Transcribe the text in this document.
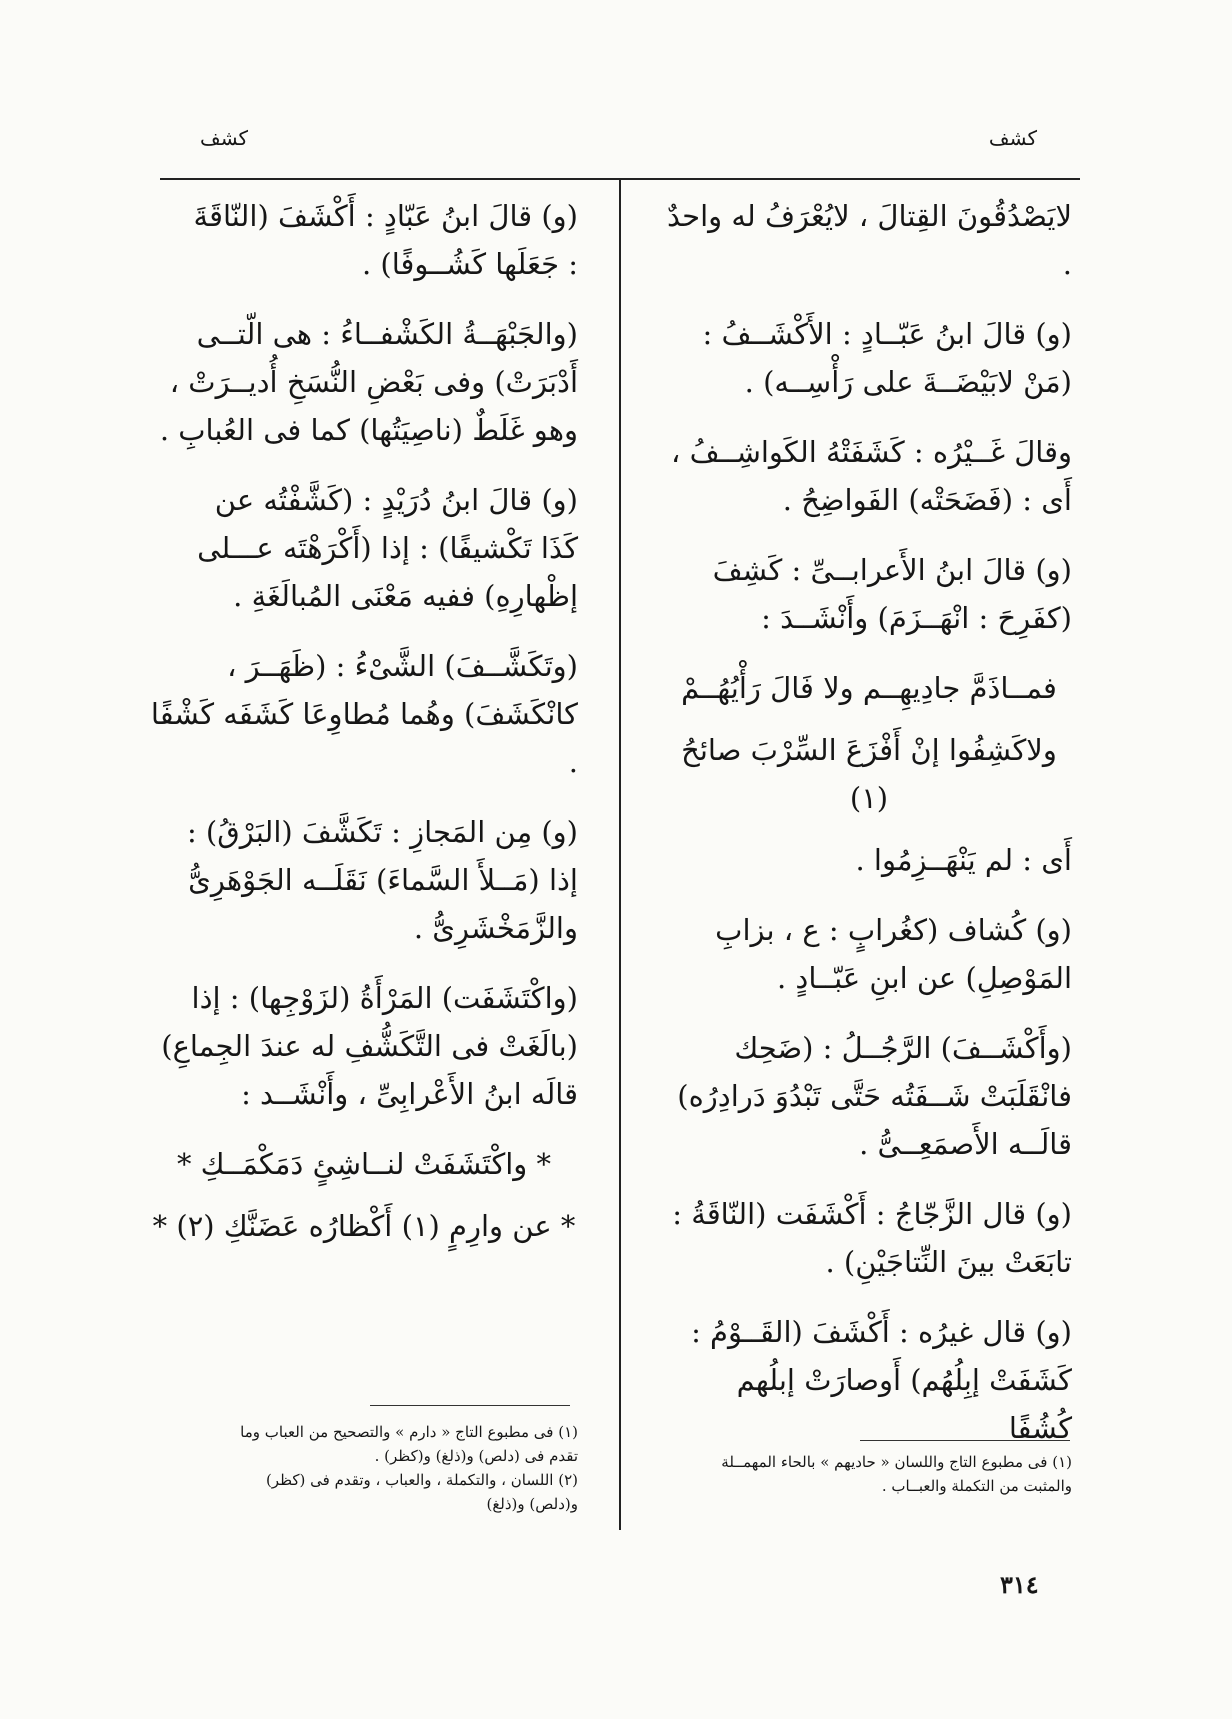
كشف	كشف

(و) قالَ ابنُ عَبّادٍ : أَكْشَفَ (النّاقَةَ
: جَعَلَها كَشُــوفًا) .

(والجَبْهَــةُ الكَشْفــاءُ : هى الّتــى
أَدْبَرَتْ) وفى بَعْضِ النُّسَخِ أُديــرَتْ ،
وهو غَلَطٌ (ناصِيَتُها) كما فى العُبابِ .

(و) قالَ ابنُ دُرَيْدٍ : (كَشَّفْتُه عن
كَذَا تَكْشيفًا) : إذا (أَكْرَهْتَه عـــلى
إظْهارِهِ) ففيه مَعْنَى المُبالَغَةِ .

(وتَكَشَّــفَ) الشَّىْءُ : (ظَهَــرَ ،
كانْكَشَفَ) وهُما مُطاوِعَا كَشَفَه كَشْفًا .

(و) مِن المَجازِ : تَكَشَّفَ (البَرْقُ) :
إذا (مَــلأَ السَّماءَ) نَقَلَــه الجَوْهَرِىُّ
والزَّمَخْشَرِىُّ .

(واكْتَشَفَت) المَرْأَةُ (لزَوْجِها) : إذا
(بالَغَتْ فى التَّكَشُّفِ له عندَ الجِماعِ)
قالَه ابنُ الأَعْرابِىِّ ، وأَنْشَــد :

* واكْتَشَفَتْ لنــاشِئٍ دَمَكْمَــكِ *

* عن وارِمٍ (١) أَكْظارُه عَضَنَّكِ (٢) *

(١) فى مطبوع التاج « دارم » والتصحيح من العباب وما
تقدم فى (دلص) و(ذلغ) و(كظر) .
(٢) اللسان ، والتكملة ، والعباب ، وتقدم فى (كظر)
و(دلص) و(ذلغ)

لايَصْدُقُونَ القِتالَ ، لايُعْرَفُ له واحدٌ .

(و) قالَ ابنُ عَبّــادٍ : الأَكْشَــفُ :
(مَنْ لابَيْضَــةَ على رَأْسِــه) .

وقالَ غَــيْرُه : كَشَفَتْهُ الكَواشِــفُ ،
أَى : (فَضَحَتْه) الفَواضِحُ .

(و) قالَ ابنُ الأَعرابــىِّ : كَشِفَ
(كفَرِحَ : انْهَــزَمَ) وأَنْشَــدَ :

فمــاذَمَّ جادِيهِــم ولا فَالَ رَأْيُهُــمْ

ولاكَشِفُوا إنْ أَفْزَعَ السِّرْبَ صائحُ (١)

أَى : لم يَنْهَــزِمُوا .

(و) كُشاف (كغُرابٍ : ع ، بزابِ
المَوْصِلِ) عن ابنِ عَبّــادٍ .

(وأَكْشَــفَ) الرَّجُــلُ : (ضَحِك
فانْقَلَبَتْ شَــفَتُه حَتَّى تَبْدُوَ دَرادِرُه)
قالَــه الأَصمَعِــىُّ .

(و) قال الزَّجّاجُ : أَكْشَفَت (النّاقَةُ :
تابَعَتْ بينَ النِّتاجَيْنِ) .

(و) قال غيرُه : أَكْشَفَ (القَــوْمُ :
كَشَفَتْ إبِلُهُم) أَوصارَتْ إبلُهم كُشُفًا

(١) فى مطبوع التاج واللسان « حاديهم » بالحاء المهمــلة
والمثبت من التكملة والعبــاب .
٣١٤
